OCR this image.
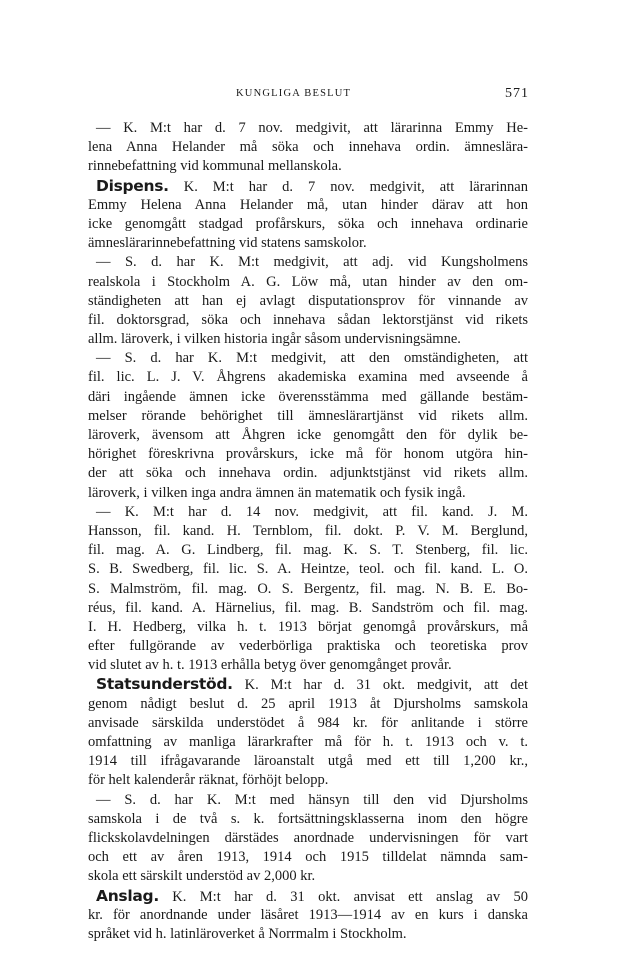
KUNGLIGA BESLUT	571
— K. M:t har d. 7 nov. medgivit, att lärarinna Emmy He-
lena Anna Helander må söka och innehava ordin. ämneslära-
rinnebefattning vid kommunal mellanskola.
Dispens. K. M:t har d. 7 nov. medgivit, att lärarinnan
Emmy Helena Anna Helander må, utan hinder därav att hon
icke genomgått stadgad profårskurs, söka och innehava ordinarie
ämneslärarinnebefattning vid statens samskolor.
— S. d. har K. M:t medgivit, att adj. vid Kungsholmens
realskola i Stockholm A. G. Löw må, utan hinder av den om-
ständigheten att han ej avlagt disputationsprov för vinnande av
fil. doktorsgrad, söka och innehava sådan lektorstjänst vid rikets
allm. läroverk, i vilken historia ingår såsom undervisningsämne.
— S. d. har K. M:t medgivit, att den omständigheten, att
fil. lic. L. J. V. Åhgrens akademiska examina med avseende å
däri ingående ämnen icke överensstämma med gällande bestäm-
melser rörande behörighet till ämneslärartjänst vid rikets allm.
läroverk, ävensom att Åhgren icke genomgått den för dylik be-
hörighet föreskrivna provårskurs, icke må för honom utgöra hin-
der att söka och innehava ordin. adjunktstjänst vid rikets allm.
läroverk, i vilken inga andra ämnen än matematik och fysik ingå.
— K. M:t har d. 14 nov. medgivit, att fil. kand. J. M.
Hansson, fil. kand. H. Ternblom, fil. dokt. P. V. M. Berglund,
fil. mag. A. G. Lindberg, fil. mag. K. S. T. Stenberg, fil. lic.
S. B. Swedberg, fil. lic. S. A. Heintze, teol. och fil. kand. L. O.
S. Malmström, fil. mag. O. S. Bergentz, fil. mag. N. B. E. Bo-
réus, fil. kand. A. Härnelius, fil. mag. B. Sandström och fil. mag.
I. H. Hedberg, vilka h. t. 1913 börjat genomgå provårskurs, må
efter fullgörande av vederbörliga praktiska och teoretiska prov
vid slutet av h. t. 1913 erhålla betyg över genomgånget provår.
Statsunderstöd. K. M:t har d. 31 okt. medgivit, att det
genom nådigt beslut d. 25 april 1913 åt Djursholms samskola
anvisade särskilda understödet å 984 kr. för anlitande i större
omfattning av manliga lärarkrafter må för h. t. 1913 och v. t.
1914 till ifrågavarande läroanstalt utgå med ett till 1,200 kr.,
för helt kalenderår räknat, förhöjt belopp.
— S. d. har K. M:t med hänsyn till den vid Djursholms
samskola i de två s. k. fortsättningsklasserna inom den högre
flickskolavdelningen därstädes anordnade undervisningen för vart
och ett av åren 1913, 1914 och 1915 tilldelat nämnda sam-
skola ett särskilt understöd av 2,000 kr.
Anslag. K. M:t har d. 31 okt. anvisat ett anslag av 50
kr. för anordnande under läsåret 1913—1914 av en kurs i danska
språket vid h. latinläroverket å Norrmalm i Stockholm.
